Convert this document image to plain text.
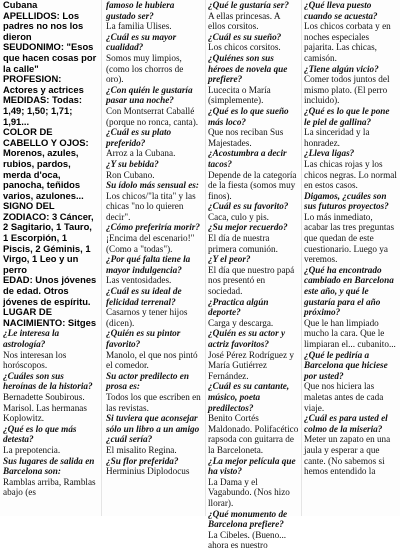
Cubana

APELLIDOS: Los padres no nos los dieron

SEUDONIMO: "Esos que hacen cosas por la calle"

PROFESION: Actores y actrices

MEDIDAS: Todas: 1,49; 1,50; 1,71; 1,91...

COLOR DE CABELLO Y OJOS: Morenos, azules, rubios, pardos, merda d'oca, panocha, teñidos varios, azulones...

SIGNO DEL ZODIACO: 3 Cáncer, 2 Sagitario, 1 Tauro, 1 Escorpión, 1 Piscis, 2 Géminis, 1 Virgo, 1 Leo y un perro

EDAD: Unos jóvenes de edad. Otros jóvenes de espíritu.

LUGAR DE NACIMIENTO: Sitges

¿Le interesa la astrología?

Nos interesan los horóscopos.

¿Cuáles son sus heroínas de la historia?

Bernadette Soubirous. Marisol. Las hermanas Koplowitz.

¿Qué es lo que más detesta?

La prepotencia.

Sus lugares de salida en Barcelona son:

Ramblas arriba, Ramblas abajo (es

famoso le hubiera gustado ser?

La familia Ulises.

¿Cuál es su mayor cualidad?

Somos muy limpios, (como los chorros de oro).

¿Con quién le gustaría pasar una noche?

Con Montserrat Caballé (porque no ronca, canta).

¿Cuál es su plato preferido?

Arroz a la Cubana.

¿Y su bebida?

Ron Cubano.

Su ídolo más sensual es:

Los chicos/"la tita" y las chicas "no lo quieren decir".

¿Cómo preferiría morir?

¡Encima del escenario!" (Como a "todas").

¿Por qué falta tiene la mayor indulgencia?

Las ventosidades.

¿Cuál es su ideal de felicidad terrenal?

Casarnos y tener hijos (dicen).

¿Quién es su pintor favorito?

Manolo, el que nos pintó el comedor.

Su actor predilecto en prosa es:

Todos los que escriben en las revistas.

Si tuviera que aconsejar sólo un libro a un amigo ¿cuál sería?

El misalito Regina.

¿Su flor preferida?

Herminius Diplodocus

¿Qué le gustaría ser?

A ellas princesas. A ellos corsitos.

¿Cuál es su sueño?

Los chicos corsitos.

¿Quiénes son sus héroes de novela que prefiere?

Lucecita o María (simplemente).

¿Qué es lo que sueño más loco?

Que nos reciban Sus Majestades.

¿Acostumbra a decir tacos?

Depende de la categoría de la fiesta (somos muy finos).

¿Cuál es su favorito?

Caca, culo y pis.

¿Su mejor recuerdo?

El día de nuestra primera comunión.

¿Y el peor?

El día que nuestro papá nos presentó en sociedad.

¿Practica algún deporte?

Carga y descarga.

¿Quién es su actor y actriz favoritos?

José Pérez Rodríguez y María Gutiérrez Fernández.

¿Cuál es su cantante, músico, poeta predilectos?

Benito Cortés Maldonado. Polifacético rapsoda con guitarra de la Barceloneta.

¿La mejor película que ha visto?

La Dama y el Vagabundo. (Nos hizo llorar).

¿Qué monumento de Barcelona prefiere?

La Cibeles. (Bueno... ahora es nuestro

¿Qué lleva puesto cuando se acuesta?

Los chicos corbata y en noches especiales pajarita. Las chicas, camisón.

¿Tiene algún vicio?

Comer todos juntos del mismo plato. (El perro incluido).

¿Qué es lo que le pone le piel de gallina?

La sinceridad y la honradez.

¿Lleva ligas?

Las chicas rojas y los chicos negras. Lo normal en estos casos.

Digamos, ¿cuáles son sus futuros proyectos?

Lo más inmediato, acabar las tres preguntas que quedan de este cuestionario. Luego ya veremos.

¿Qué ha encontrado cambiado en Barcelona este año, y qué le gustaría para el año próximo?

Que le han limpiado mucho la cara. Que le limpiaran el... cubanito...

¿Qué le pediría a Barcelona que hiciese por usted?

Que nos hiciera las maletas antes de cada viaje.

¿Cuál es para usted el colmo de la miseria?

Meter un zapato en una jaula y esperar a que cante. (No sabemos si hemos entendido la
